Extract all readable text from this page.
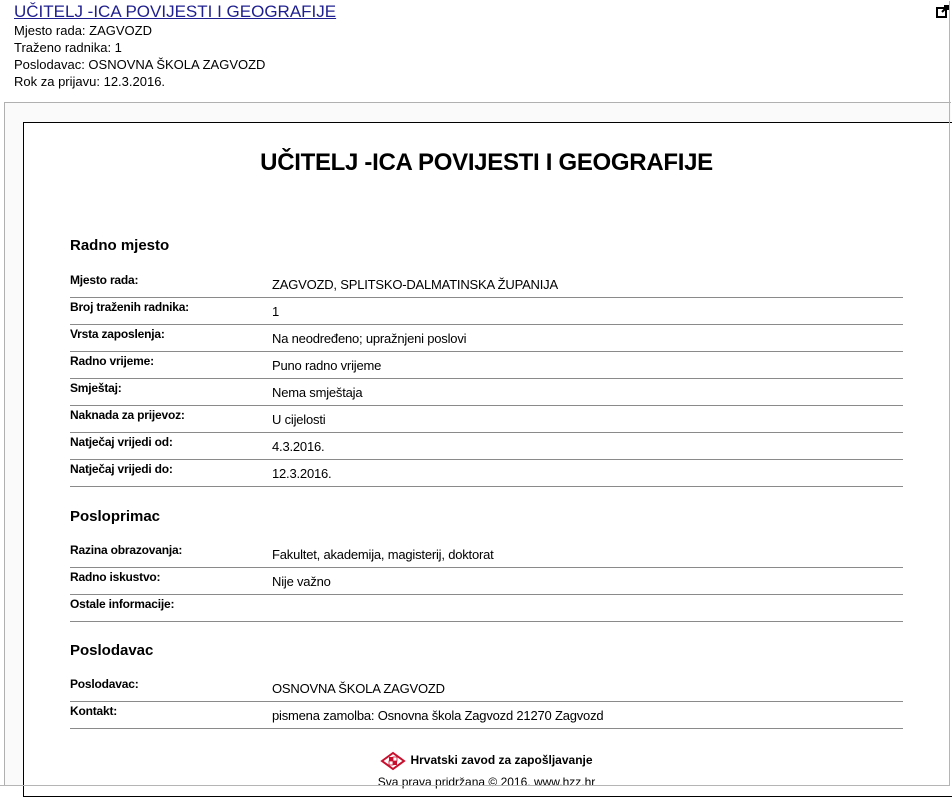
UČITELJ -ICA POVIJESTI I GEOGRAFIJE
Mjesto rada: ZAGVOZD
Traženo radnika: 1
Poslodavac: OSNOVNA ŠKOLA ZAGVOZD
Rok za prijavu: 12.3.2016.
UČITELJ -ICA POVIJESTI I GEOGRAFIJE
Radno mjesto
Mjesto rada:	ZAGVOZD, SPLITSKO-DALMATINSKA ŽUPANIJA
Broj traženih radnika:	1
Vrsta zaposlenja:	Na neodređeno; upražnjeni poslovi
Radno vrijeme:	Puno radno vrijeme
Smještaj:	Nema smještaja
Naknada za prijevoz:	U cijelosti
Natječaj vrijedi od:	4.3.2016.
Natječaj vrijedi do:	12.3.2016.
Posloprimac
Razina obrazovanja:	Fakultet, akademija, magisterij, doktorat
Radno iskustvo:	Nije važno
Ostale informacije:
Poslodavac
Poslodavac:	OSNOVNA ŠKOLA ZAGVOZD
Kontakt:	pismena zamolba: Osnovna škola Zagvozd 21270 Zagvozd
Hrvatski zavod za zapošljavanje
Sva prava pridržana © 2016. www.hzz.hr
